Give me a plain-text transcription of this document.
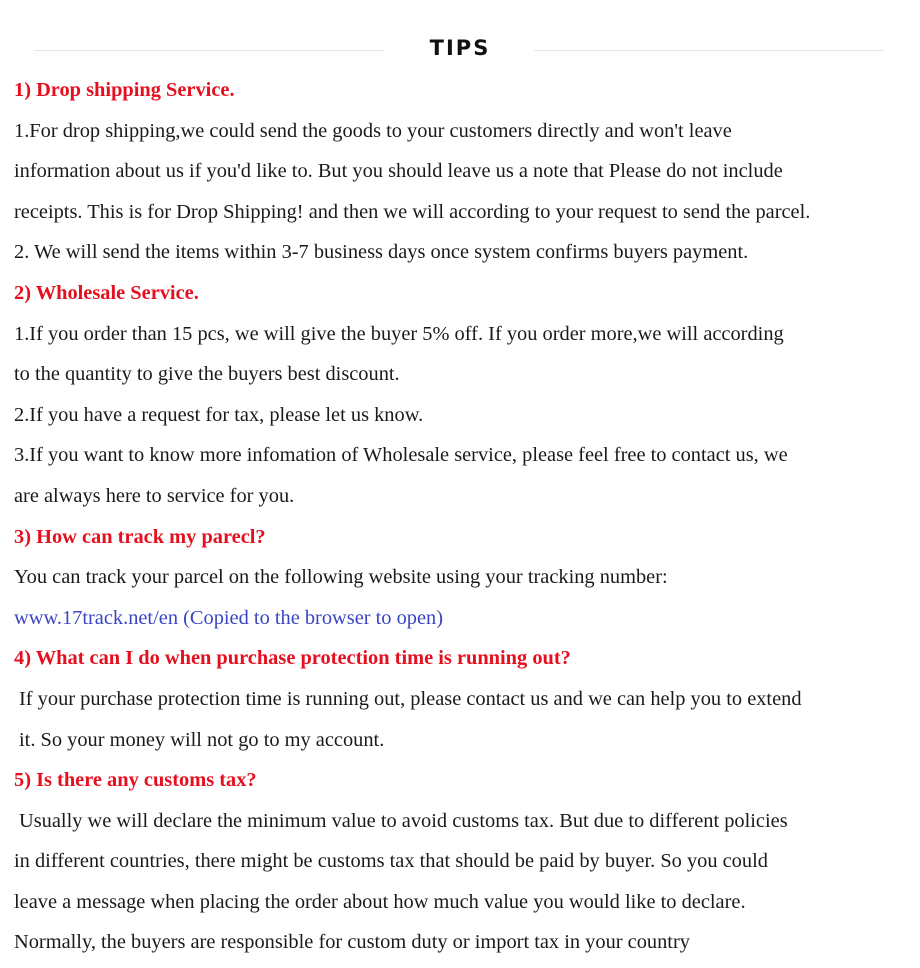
TIPS
1) Drop shipping Service.
1.For drop shipping,we could send the goods to your customers directly and won't leave
information about us if you'd like to. But you should leave us a note that Please do not include
receipts. This is for Drop Shipping! and then we will according to your request to send the parcel.
2. We will send the items within 3-7 business days once system confirms buyers payment.
2) Wholesale Service.
1.If you order than 15 pcs, we will give the buyer 5% off. If you order more,we will according
to the quantity to give the buyers best discount.
2.If you have a request for tax, please let us know.
3.If you want to know more infomation of Wholesale service, please feel free to contact us, we
are always here to service for you.
3) How can track my parecl?
You can track your parcel on the following website using your tracking number:
www.17track.net/en (Copied to the browser to open)
4) What can I do when purchase protection time is running out?
If your purchase protection time is running out, please contact us and we can help you to extend
it. So your money will not go to my account.
5) Is there any customs tax?
Usually we will declare the minimum value to avoid customs tax. But due to different policies
in different countries, there might be customs tax that should be paid by buyer. So you could
leave a message when placing the order about how much value you would like to declare.
Normally, the buyers are responsible for custom duty or import tax in your country
